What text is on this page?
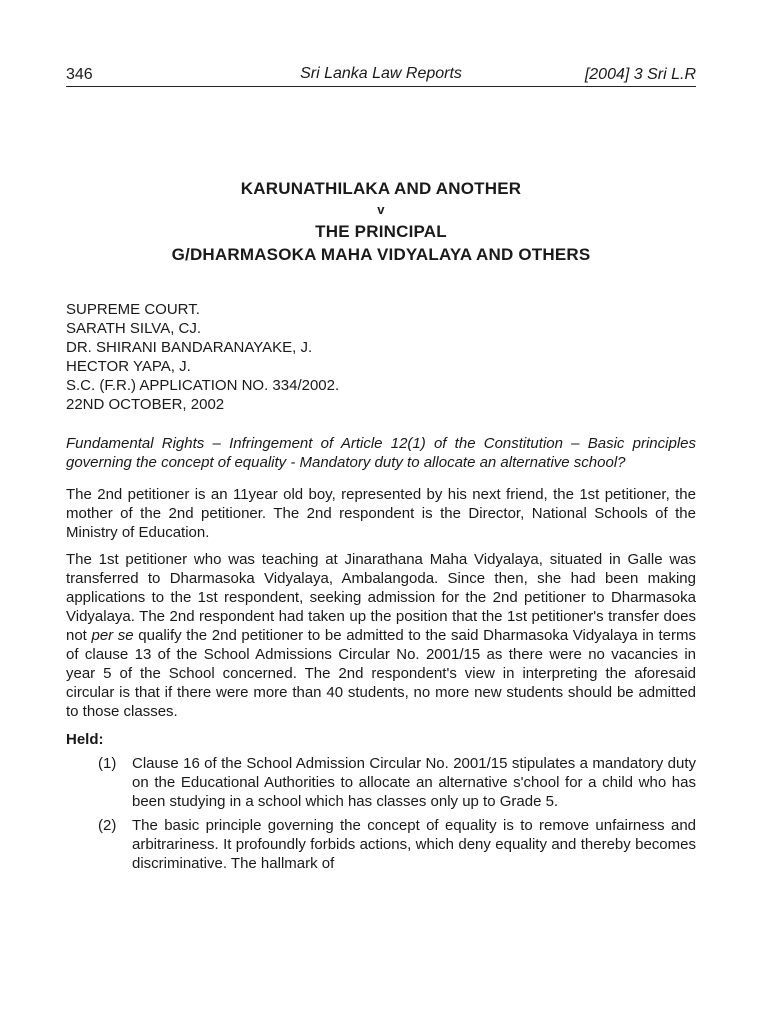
346	Sri Lanka Law Reports	[2004] 3 Sri L.R
KARUNATHILAKA AND ANOTHER
v
THE PRINCIPAL
G/DHARMASOKA MAHA VIDYALAYA AND OTHERS
SUPREME COURT.
SARATH SILVA, CJ.
DR. SHIRANI BANDARANAYAKE, J.
HECTOR YAPA, J.
S.C. (F.R.) APPLICATION NO. 334/2002.
22ND OCTOBER, 2002
Fundamental Rights – Infringement of Article 12(1) of the Constitution – Basic principles governing the concept of equality - Mandatory duty to allocate an alternative school?
The 2nd petitioner is an 11year old boy, represented by his next friend, the 1st petitioner, the mother of the 2nd petitioner. The 2nd respondent is the Director, National Schools of the Ministry of Education.
The 1st petitioner who was teaching at Jinarathana Maha Vidyalaya, situated in Galle was transferred to Dharmasoka Vidyalaya, Ambalangoda. Since then, she had been making applications to the 1st respondent, seeking admission for the 2nd petitioner to Dharmasoka Vidyalaya. The 2nd respondent had taken up the position that the 1st petitioner's transfer does not per se qualify the 2nd petitioner to be admitted to the said Dharmasoka Vidyalaya in terms of clause 13 of the School Admissions Circular No. 2001/15 as there were no vacancies in year 5 of the School concerned. The 2nd respondent's view in interpreting the aforesaid circular is that if there were more than 40 students, no more new students should be admitted to those classes.
Held:
(1) Clause 16 of the School Admission Circular No. 2001/15 stipulates a mandatory duty on the Educational Authorities to allocate an alternative s'chool for a child who has been studying in a school which has classes only up to Grade 5.
(2) The basic principle governing the concept of equality is to remove unfairness and arbitrariness. It profoundly forbids actions, which deny equality and thereby becomes discriminative. The hallmark of
